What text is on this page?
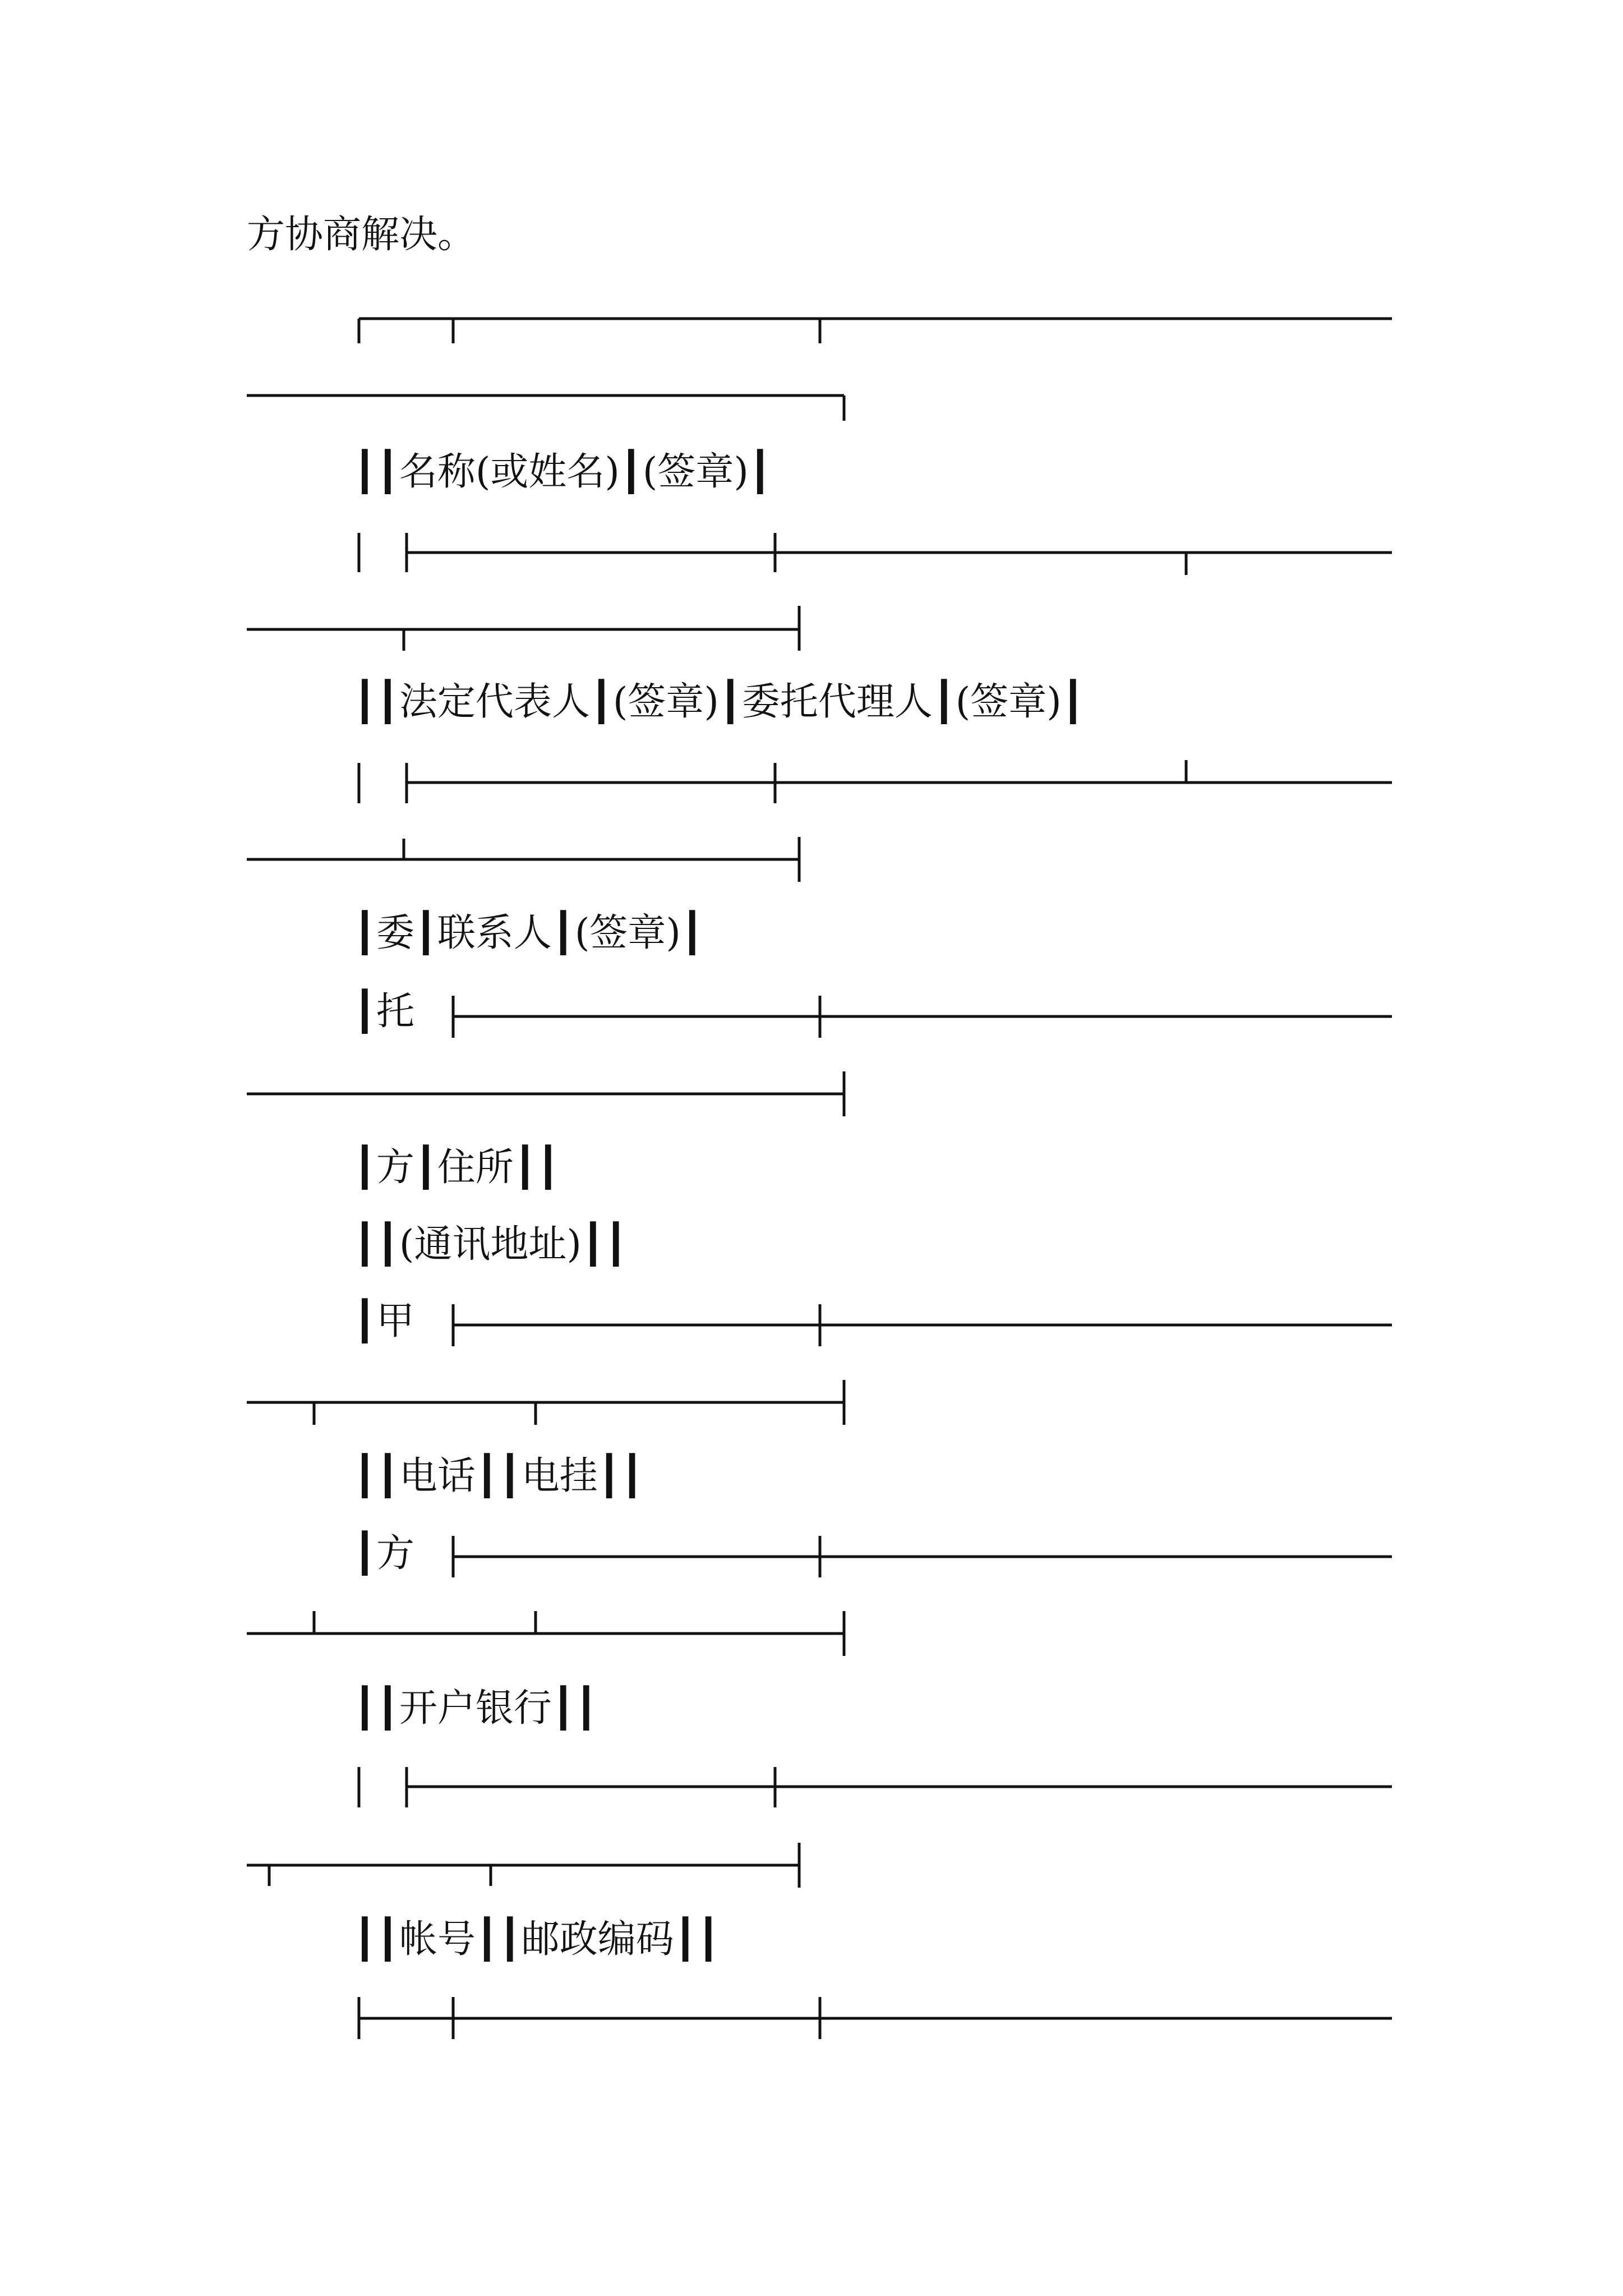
方协商解决。
┃┃名称(或姓名)┃(签章)┃
┃┃法定代表人┃(签章)┃委托代理人┃(签章)┃
┃委┃联系人┃(签章)┃
┃托
┃方┃住所┃┃
┃┃(通讯地址)┃┃
┃甲
┃┃电话┃┃电挂┃┃
┃方
┃┃开户银行┃┃
┃┃帐号┃┃邮政编码┃┃
